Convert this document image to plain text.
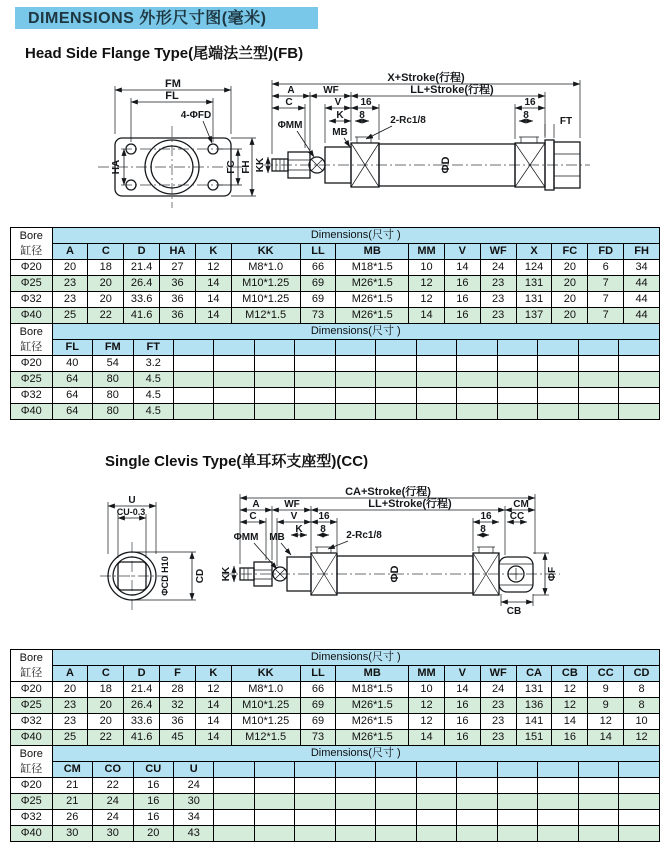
DIMENSIONS 外形尺寸图(毫米)
Head Side Flange Type(尾端法兰型)(FB)
FM
FL
4-ΦFD
HA	FC FH KK	ΦD
X+Stroke(行程)
A	WF	LL+Stroke(行程)
C	V 16	16
K 8	8
ΦMM
MB
2-Rc1/8	FT
Bore
缸径	Dimensions(尺寸 )														
	A	C	D	HA	K	KK	LL	MB	MM	V	WF	X	FC	FD	FH
Φ20	20	18	21.4	27	12	M8*1.0	66	M18*1.5	10	14	24	124	20	6	34
Φ25	23	20	26.4	36	14	M10*1.25	69	M26*1.5	12	16	23	131	20	7	44
Φ32	23	20	33.6	36	14	M10*1.25	69	M26*1.5	12	16	23	131	20	7	44
Φ40	25	22	41.6	36	14	M12*1.5	73	M26*1.5	14	16	23	137	20	7	44
Bore
缸径	Dimensions(尺寸 )														
	FL	FM	FT												
Φ20	40	54	3.2												
Φ25	64	80	4.5												
Φ32	64	80	4.5												
Φ40	64	80	4.5												
Single Clevis Type(单耳环支座型)(CC)
U
CU-0.3
ΦCD H10	CD KK	ΦD	ΦF
CB
CA+Stroke(行程)
A WF	LL+Stroke(行程)	CM
C	V 16	16 CC
K 8	8
ΦMM MB	2-Rc1/8
Bore
缸径	Dimensions(尺寸 )														
	A	C	D	F	K	KK	LL	MB	MM	V	WF	CA	CB	CC	CD
Φ20	20	18	21.4	28	12	M8*1.0	66	M18*1.5	10	14	24	131	12	9	8
Φ25	23	20	26.4	32	14	M10*1.25	69	M26*1.5	12	16	23	136	12	9	8
Φ32	23	20	33.6	36	14	M10*1.25	69	M26*1.5	12	16	23	141	14	12	10
Φ40	25	22	41.6	45	14	M12*1.5	73	M26*1.5	14	16	23	151	16	14	12
Bore
缸径	Dimensions(尺寸 )														
	CM	CO	CU	U											
Φ20	21	22	16	24											
Φ25	21	24	16	30											
Φ32	26	24	16	34											
Φ40	30	30	20	43											
